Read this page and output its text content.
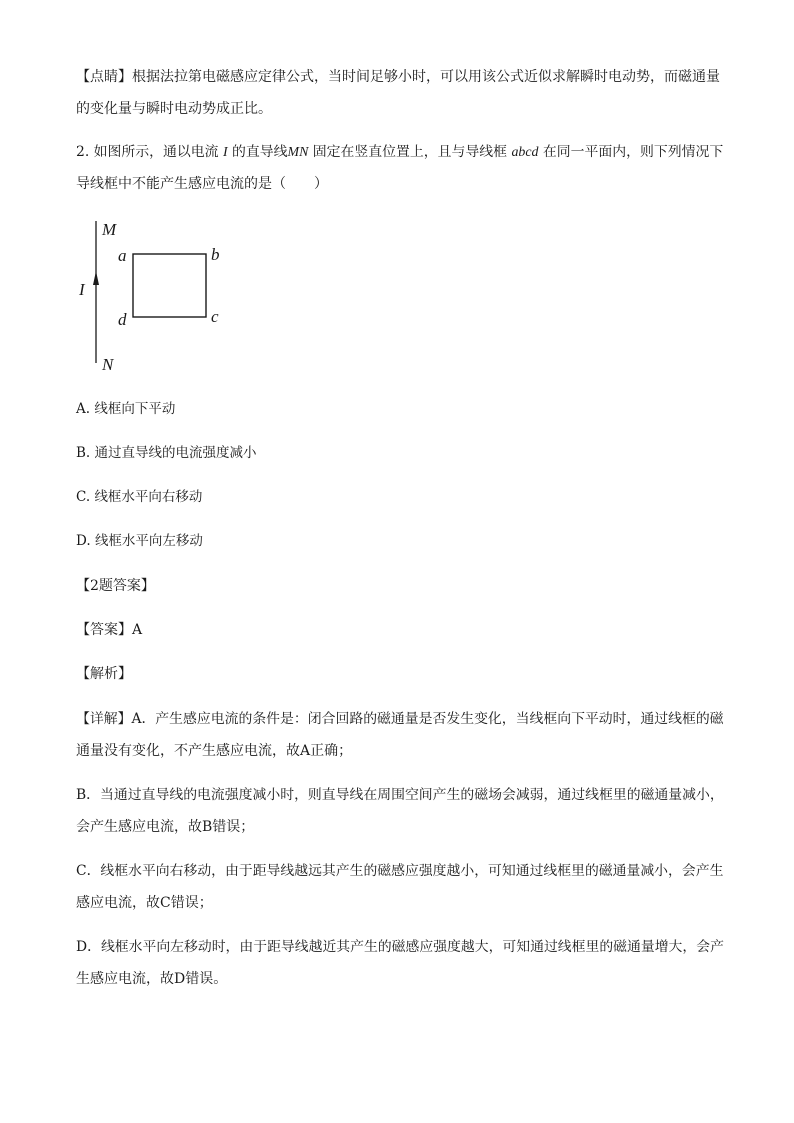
【点睛】根据法拉第电磁感应定律公式，当时间足够小时，可以用该公式近似求解瞬时电动势，而磁通量
的变化量与瞬时电动势成正比。
2. 如图所示，通以电流 I 的直导线MN 固定在竖直位置上，且与导线框 abcd 在同一平面内，则下列情况下
导线框中不能产生感应电流的是（　　）
M
N
I
a	b
c
d
A. 线框向下平动
B. 通过直导线的电流强度减小
C. 线框水平向右移动
D. 线框水平向左移动
【2题答案】
【答案】A
【解析】
【详解】A．产生感应电流的条件是：闭合回路的磁通量是否发生变化，当线框向下平动时，通过线框的磁
通量没有变化，不产生感应电流，故A正确；
B．当通过直导线的电流强度减小时，则直导线在周围空间产生的磁场会减弱，通过线框里的磁通量减小，
会产生感应电流，故B错误；
C．线框水平向右移动，由于距导线越远其产生的磁感应强度越小，可知通过线框里的磁通量减小，会产生
感应电流，故C错误；
D．线框水平向左移动时，由于距导线越近其产生的磁感应强度越大，可知通过线框里的磁通量增大，会产
生感应电流，故D错误。
